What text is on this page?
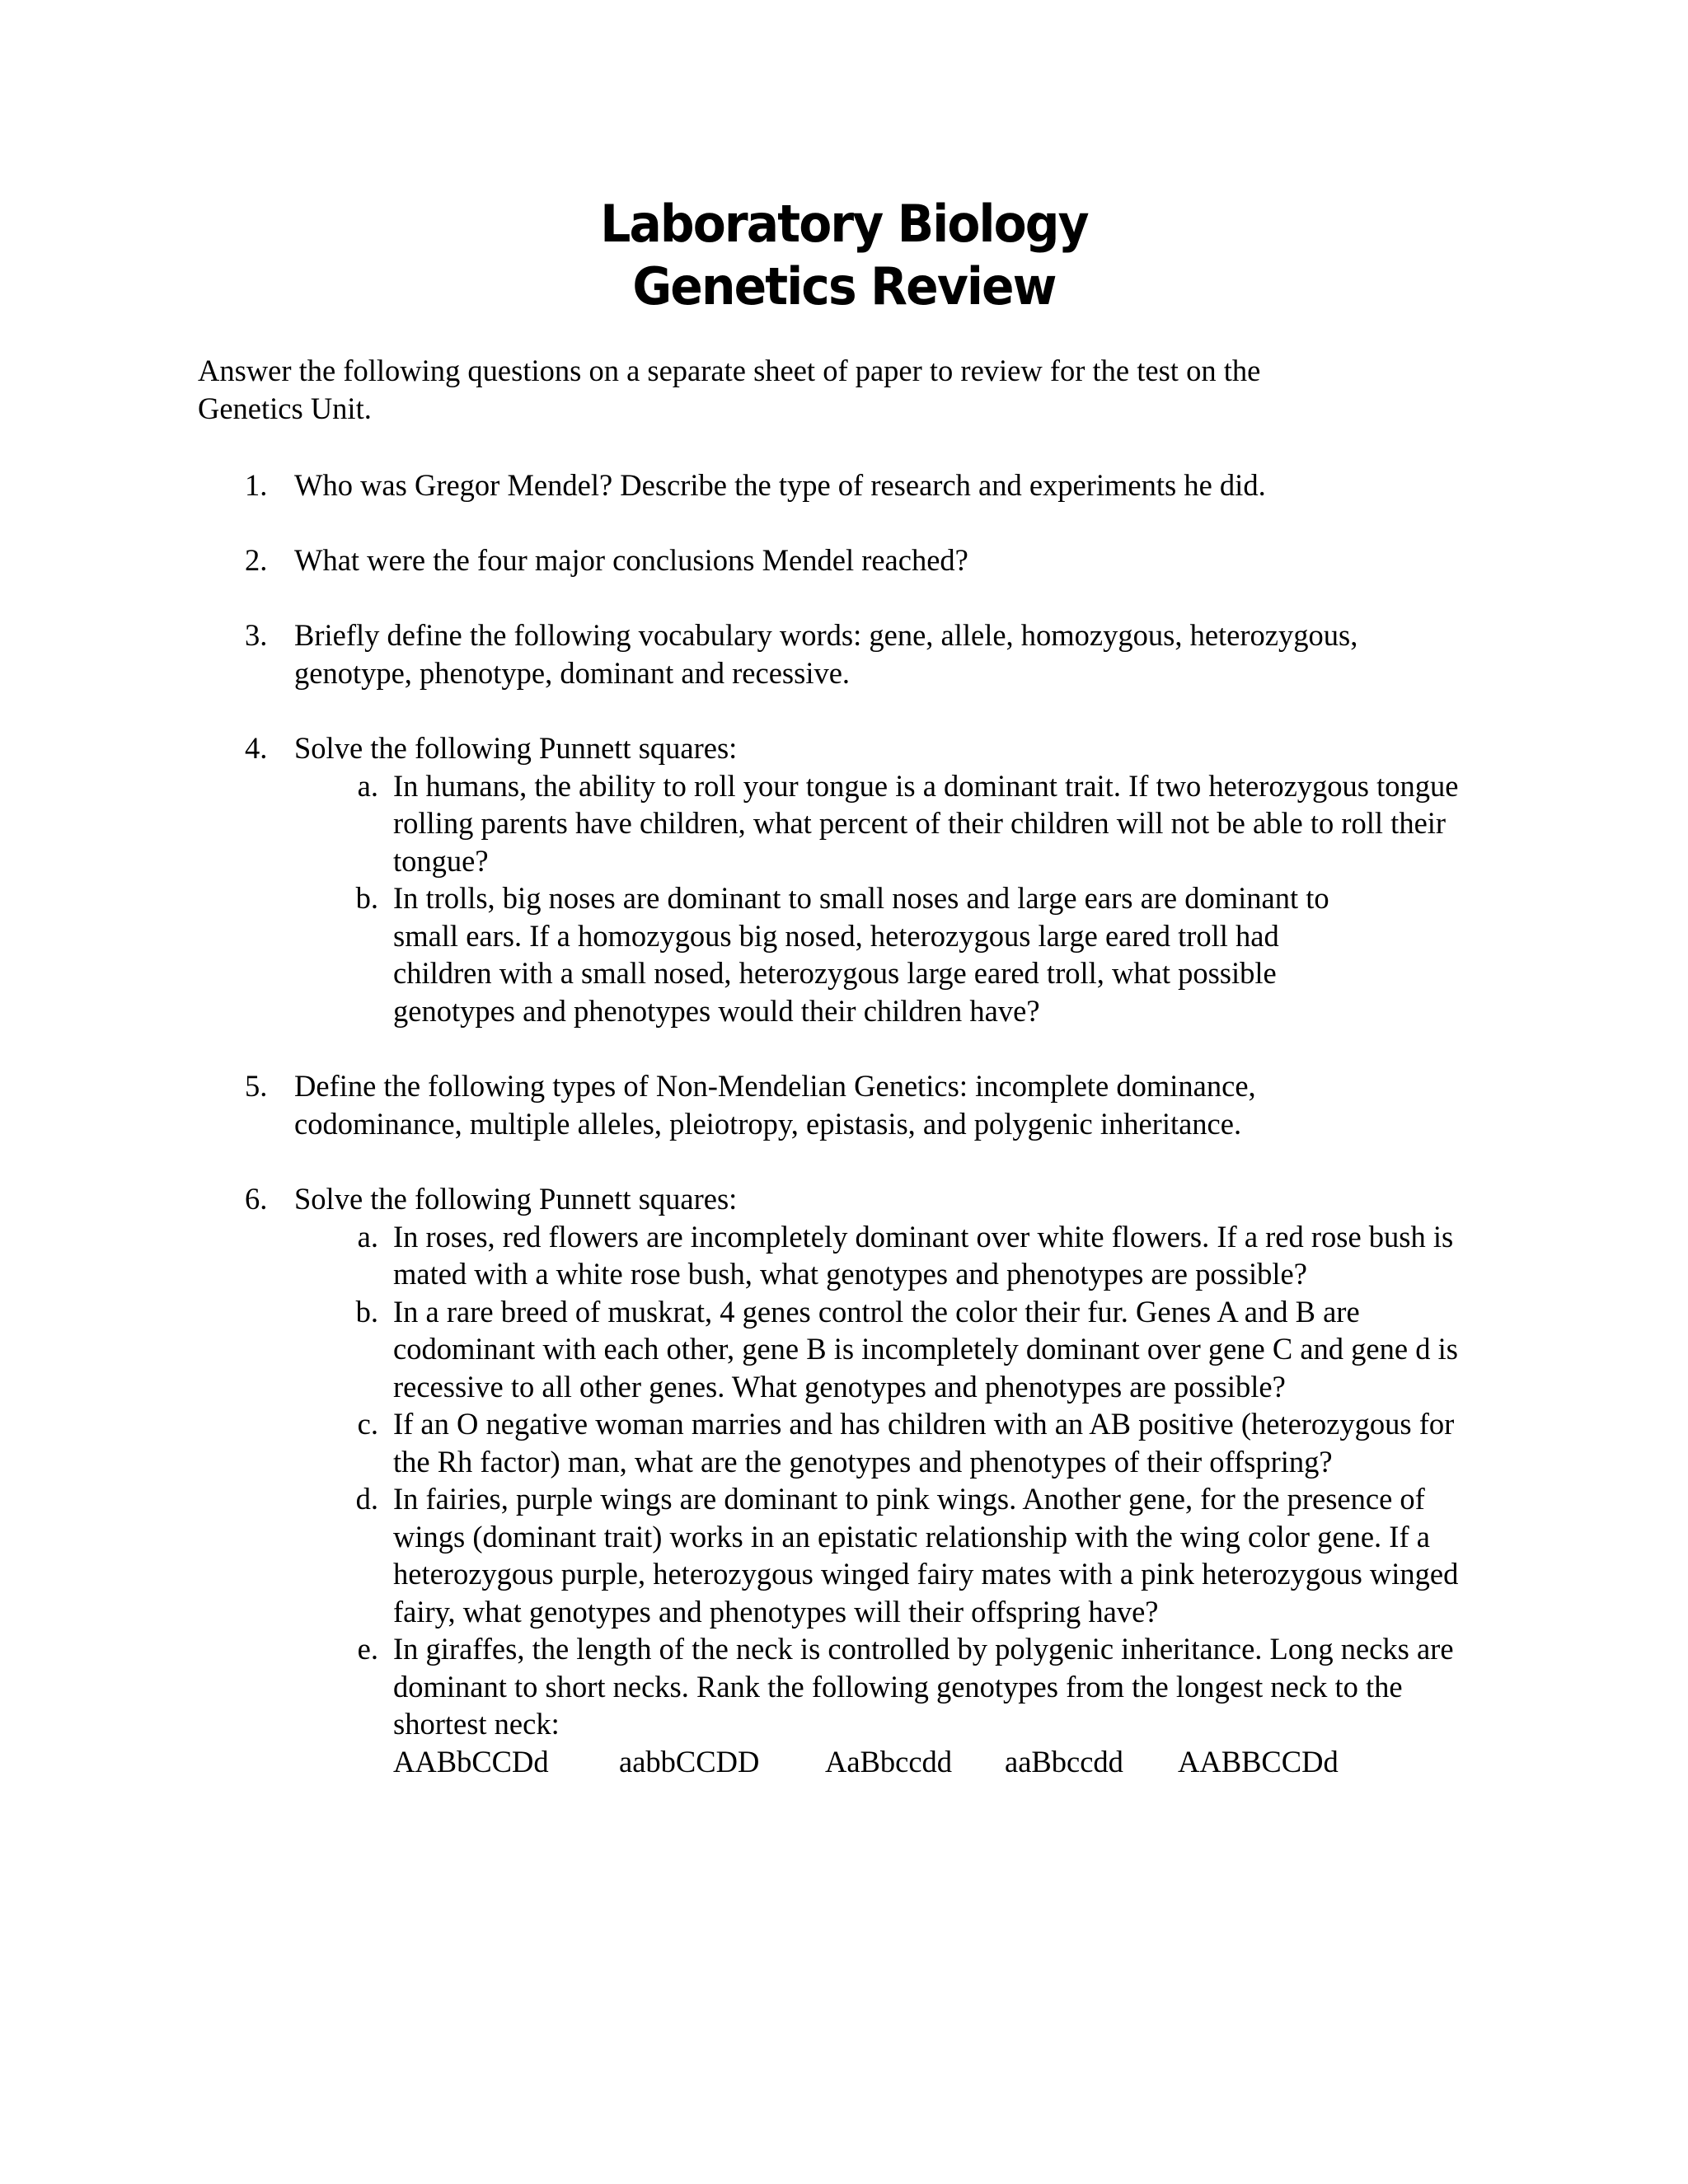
Laboratory Biology
Genetics Review
Answer the following questions on a separate sheet of paper to review for the test on the Genetics Unit.
1. Who was Gregor Mendel? Describe the type of research and experiments he did.
2. What were the four major conclusions Mendel reached?
3. Briefly define the following vocabulary words: gene, allele, homozygous, heterozygous, genotype, phenotype, dominant and recessive.
4. Solve the following Punnett squares:
a. In humans, the ability to roll your tongue is a dominant trait. If two heterozygous tongue rolling parents have children, what percent of their children will not be able to roll their tongue?
b. In trolls, big noses are dominant to small noses and large ears are dominant to small ears. If a homozygous big nosed, heterozygous large eared troll had children with a small nosed, heterozygous large eared troll, what possible genotypes and phenotypes would their children have?
5. Define the following types of Non-Mendelian Genetics: incomplete dominance, codominance, multiple alleles, pleiotropy, epistasis, and polygenic inheritance.
6. Solve the following Punnett squares:
a. In roses, red flowers are incompletely dominant over white flowers. If a red rose bush is mated with a white rose bush, what genotypes and phenotypes are possible?
b. In a rare breed of muskrat, 4 genes control the color their fur. Genes A and B are codominant with each other, gene B is incompletely dominant over gene C and gene d is recessive to all other genes. What genotypes and phenotypes are possible?
c. If an O negative woman marries and has children with an AB positive (heterozygous for the Rh factor) man, what are the genotypes and phenotypes of their offspring?
d. In fairies, purple wings are dominant to pink wings. Another gene, for the presence of wings (dominant trait) works in an epistatic relationship with the wing color gene. If a heterozygous purple, heterozygous winged fairy mates with a pink heterozygous winged fairy, what genotypes and phenotypes will their offspring have?
e. In giraffes, the length of the neck is controlled by polygenic inheritance. Long necks are dominant to short necks. Rank the following genotypes from the longest neck to the shortest neck:
AABbCCDd aabbCCDD AaBbccdd aaBbccdd AABBCCDd
